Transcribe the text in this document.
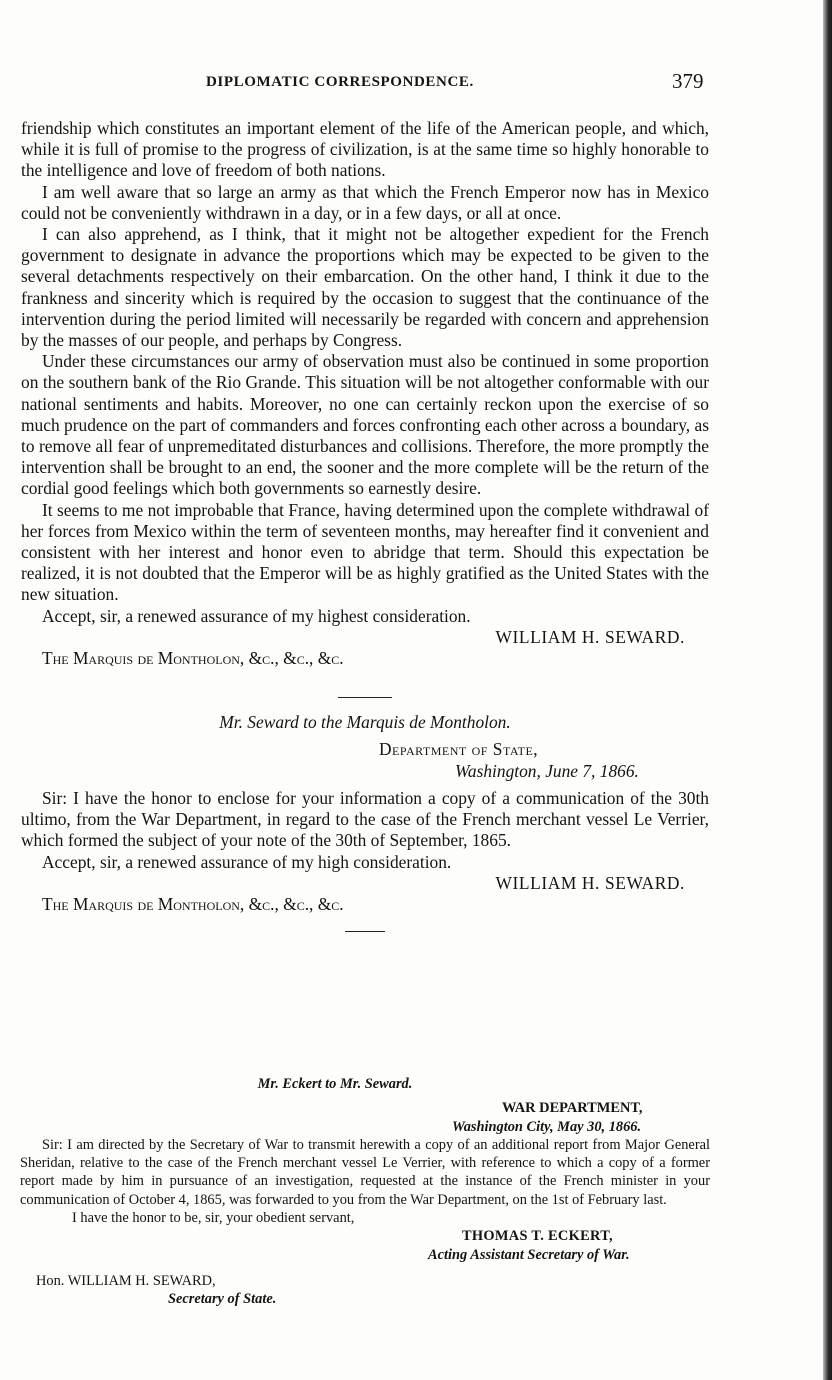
DIPLOMATIC CORRESPONDENCE.	379

friendship which constitutes an important element of the life of the American people, and which, while it is full of promise to the progress of civilization, is at the same time so highly honorable to the intelligence and love of freedom of both nations.

I am well aware that so large an army as that which the French Emperor now has in Mexico could not be conveniently withdrawn in a day, or in a few days, or all at once.

I can also apprehend, as I think, that it might not be altogether expedient for the French government to designate in advance the proportions which may be expected to be given to the several detachments respectively on their embarcation. On the other hand, I think it due to the frankness and sincerity which is required by the occasion to suggest that the continuance of the intervention during the period limited will necessarily be regarded with concern and apprehension by the masses of our people, and perhaps by Congress.

Under these circumstances our army of observation must also be continued in some proportion on the southern bank of the Rio Grande. This situation will be not altogether conformable with our national sentiments and habits. Moreover, no one can certainly reckon upon the exercise of so much prudence on the part of commanders and forces confronting each other across a boundary, as to remove all fear of unpremeditated disturbances and collisions. Therefore, the more promptly the intervention shall be brought to an end, the sooner and the more complete will be the return of the cordial good feelings which both governments so earnestly desire.

It seems to me not improbable that France, having determined upon the complete withdrawal of her forces from Mexico within the term of seventeen months, may hereafter find it convenient and consistent with her interest and honor even to abridge that term. Should this expectation be realized, it is not doubted that the Emperor will be as highly gratified as the United States with the new situation.

Accept, sir, a renewed assurance of my highest consideration.

WILLIAM H. SEWARD.

The Marquis de Montholon, &c., &c., &c.

Mr. Seward to the Marquis de Montholon.

Department of State,

Washington, June 7, 1866.

Sir: I have the honor to enclose for your information a copy of a communication of the 30th ultimo, from the War Department, in regard to the case of the French merchant vessel Le Verrier, which formed the subject of your note of the 30th of September, 1865.

Accept, sir, a renewed assurance of my high consideration.

WILLIAM H. SEWARD.

The Marquis de Montholon, &c., &c., &c.

Mr. Eckert to Mr. Seward.

WAR DEPARTMENT,

Washington City, May 30, 1866.

Sir: I am directed by the Secretary of War to transmit herewith a copy of an additional report from Major General Sheridan, relative to the case of the French merchant vessel Le Verrier, with reference to which a copy of a former report made by him in pursuance of an investigation, requested at the instance of the French minister in your communication of October 4, 1865, was forwarded to you from the War Department, on the 1st of February last.

I have the honor to be, sir, your obedient servant,

THOMAS T. ECKERT,

Acting Assistant Secretary of War.

Hon. WILLIAM H. SEWARD,

Secretary of State.
